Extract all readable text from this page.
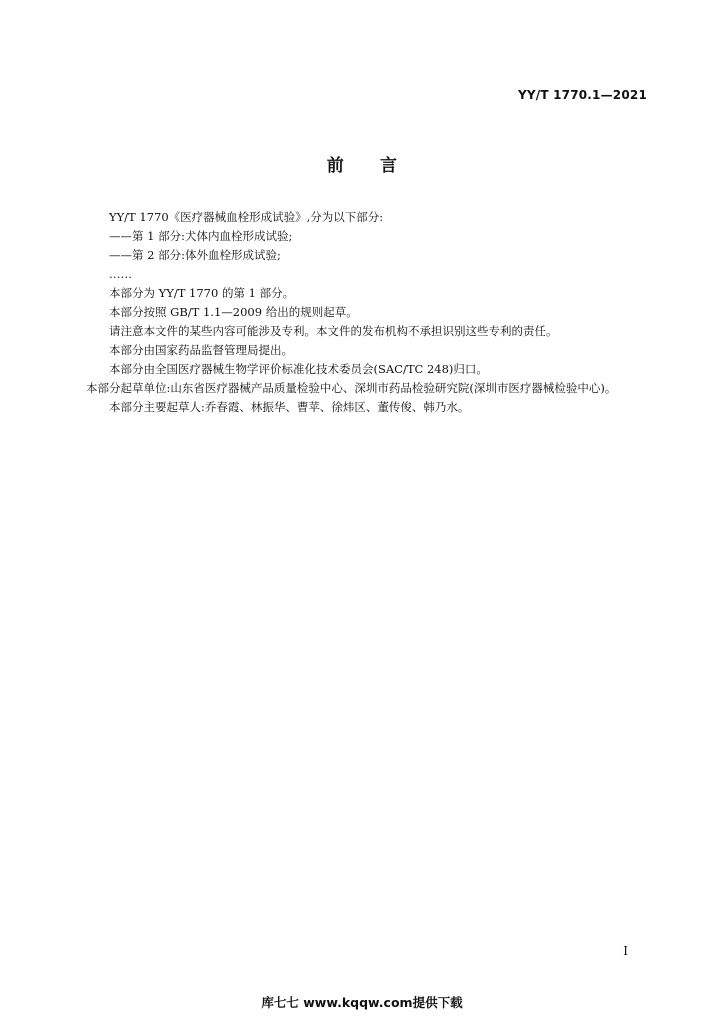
YY/T 1770.1—2021
前 言

YY/T 1770《医疗器械血栓形成试验》,分为以下部分:

——第 1 部分:犬体内血栓形成试验;

——第 2 部分:体外血栓形成试验;

……

本部分为 YY/T 1770 的第 1 部分。

本部分按照 GB/T 1.1—2009 给出的规则起草。

请注意本文件的某些内容可能涉及专利。本文件的发布机构不承担识别这些专利的责任。

本部分由国家药品监督管理局提出。

本部分由全国医疗器械生物学评价标准化技术委员会(SAC/TC 248)归口。

本部分起草单位:山东省医疗器械产品质量检验中心、深圳市药品检验研究院(深圳市医疗器械检验中心)。

本部分主要起草人:乔春霞、林振华、曹苹、徐炜区、董传俊、韩乃水。

I
库七七 www.kqqw.com提供下载
